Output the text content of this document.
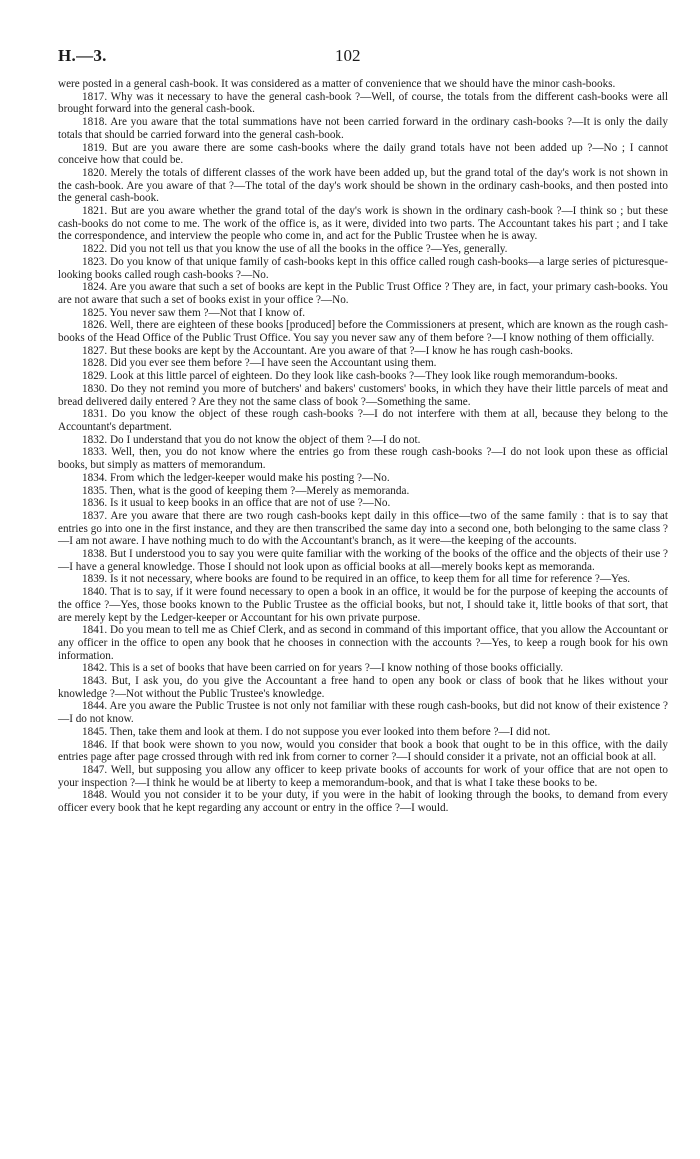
H.—3.	102

were posted in a general cash-book. It was considered as a matter of convenience that we should have the minor cash-books.

1817. Why was it necessary to have the general cash-book ?—Well, of course, the totals from the different cash-books were all brought forward into the general cash-book.

1818. Are you aware that the total summations have not been carried forward in the ordinary cash-books ?—It is only the daily totals that should be carried forward into the general cash-book.

1819. But are you aware there are some cash-books where the daily grand totals have not been added up ?—No ; I cannot conceive how that could be.

1820. Merely the totals of different classes of the work have been added up, but the grand total of the day's work is not shown in the cash-book. Are you aware of that ?—The total of the day's work should be shown in the ordinary cash-books, and then posted into the general cash-book.

1821. But are you aware whether the grand total of the day's work is shown in the ordinary cash-book ?—I think so ; but these cash-books do not come to me. The work of the office is, as it were, divided into two parts. The Accountant takes his part ; and I take the correspondence, and interview the people who come in, and act for the Public Trustee when he is away.

1822. Did you not tell us that you know the use of all the books in the office ?—Yes, generally.

1823. Do you know of that unique family of cash-books kept in this office called rough cash-books—a large series of picturesque-looking books called rough cash-books ?—No.

1824. Are you aware that such a set of books are kept in the Public Trust Office ? They are, in fact, your primary cash-books. You are not aware that such a set of books exist in your office ?—No.

1825. You never saw them ?—Not that I know of.

1826. Well, there are eighteen of these books [produced] before the Commissioners at present, which are known as the rough cash-books of the Head Office of the Public Trust Office. You say you never saw any of them before ?—I know nothing of them officially.

1827. But these books are kept by the Accountant. Are you aware of that ?—I know he has rough cash-books.

1828. Did you ever see them before ?—I have seen the Accountant using them.

1829. Look at this little parcel of eighteen. Do they look like cash-books ?—They look like rough memorandum-books.

1830. Do they not remind you more of butchers' and bakers' customers' books, in which they have their little parcels of meat and bread delivered daily entered ? Are they not the same class of book ?—Something the same.

1831. Do you know the object of these rough cash-books ?—I do not interfere with them at all, because they belong to the Accountant's department.

1832. Do I understand that you do not know the object of them ?—I do not.

1833. Well, then, you do not know where the entries go from these rough cash-books ?—I do not look upon these as official books, but simply as matters of memorandum.

1834. From which the ledger-keeper would make his posting ?—No.

1835. Then, what is the good of keeping them ?—Merely as memoranda.

1836. Is it usual to keep books in an office that are not of use ?—No.

1837. Are you aware that there are two rough cash-books kept daily in this office—two of the same family : that is to say that entries go into one in the first instance, and they are then transcribed the same day into a second one, both belonging to the same class ?—I am not aware. I have nothing much to do with the Accountant's branch, as it were—the keeping of the accounts.

1838. But I understood you to say you were quite familiar with the working of the books of the office and the objects of their use ?—I have a general knowledge. Those I should not look upon as official books at all—merely books kept as memoranda.

1839. Is it not necessary, where books are found to be required in an office, to keep them for all time for reference ?—Yes.

1840. That is to say, if it were found necessary to open a book in an office, it would be for the purpose of keeping the accounts of the office ?—Yes, those books known to the Public Trustee as the official books, but not, I should take it, little books of that sort, that are merely kept by the Ledger-keeper or Accountant for his own private purpose.

1841. Do you mean to tell me as Chief Clerk, and as second in command of this important office, that you allow the Accountant or any officer in the office to open any book that he chooses in connection with the accounts ?—Yes, to keep a rough book for his own information.

1842. This is a set of books that have been carried on for years ?—I know nothing of those books officially.

1843. But, I ask you, do you give the Accountant a free hand to open any book or class of book that he likes without your knowledge ?—Not without the Public Trustee's knowledge.

1844. Are you aware the Public Trustee is not only not familiar with these rough cash-books, but did not know of their existence ?—I do not know.

1845. Then, take them and look at them. I do not suppose you ever looked into them before ?—I did not.

1846. If that book were shown to you now, would you consider that book a book that ought to be in this office, with the daily entries page after page crossed through with red ink from corner to corner ?—I should consider it a private, not an official book at all.

1847. Well, but supposing you allow any officer to keep private books of accounts for work of your office that are not open to your inspection ?—I think he would be at liberty to keep a memorandum-book, and that is what I take these books to be.

1848. Would you not consider it to be your duty, if you were in the habit of looking through the books, to demand from every officer every book that he kept regarding any account or entry in the office ?—I would.
